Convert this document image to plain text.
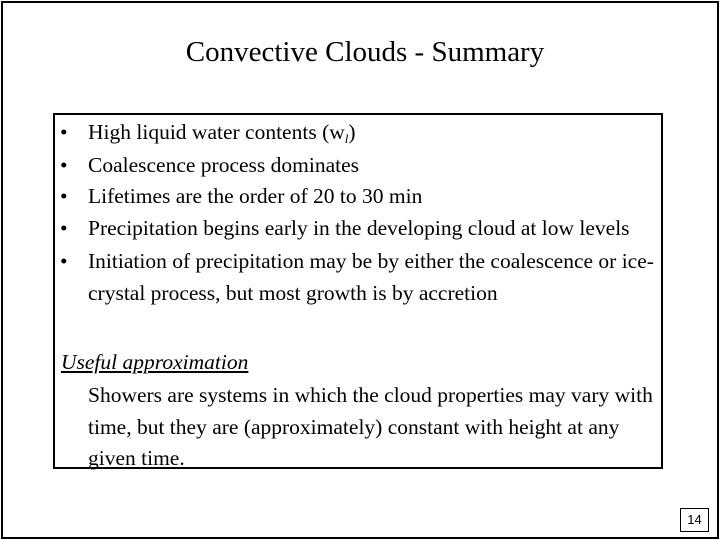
Convective Clouds - Summary
• High liquid water contents $(w_l)$
• Coalescence process dominates
• Lifetimes are the order of 20 to 30 min
• Precipitation begins early in the developing cloud at low levels
• Initiation of precipitation may be by either the coalescence or ice-crystal process, but most growth is by accretion
Useful approximation
Showers are systems in which the cloud properties may vary with time, but they are (approximately) constant with height at any given time.
14
